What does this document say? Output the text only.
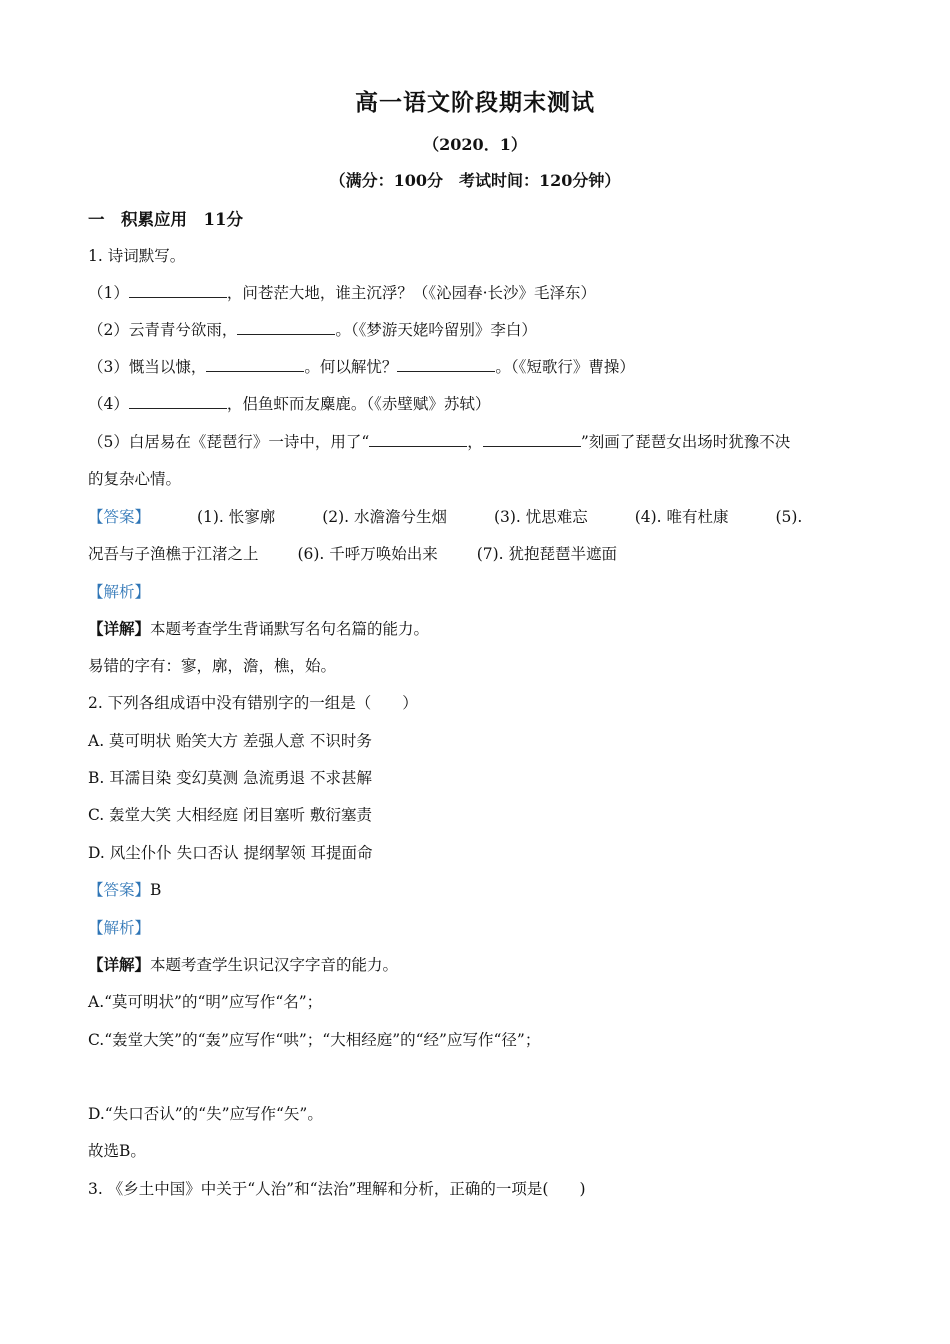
高一语文阶段期末测试
（2020．1）
（满分：100分　考试时间：120分钟）
一　积累应用　11分
1. 诗词默写。
（1）	，问苍茫大地，谁主沉浮？（《沁园春·长沙》毛泽东）
（2）云青青兮欲雨，	。（《梦游天姥吟留别》李白）
（3）慨当以慷，	。何以解忧？	。（《短歌行》曹操）
（4）	，侣鱼虾而友麋鹿。（《赤壁赋》苏轼）
（5）白居易在《琵琶行》一诗中，用了“	，	”刻画了琵琶女出场时犹豫不决
的复杂心情。
【答案】	(1). 怅寥廓	(2). 水澹澹兮生烟	(3). 忧思难忘	(4). 唯有杜康	(5).
况吾与子渔樵于江渚之上	(6). 千呼万唤始出来	(7). 犹抱琵琶半遮面
【解析】
【详解】本题考查学生背诵默写名句名篇的能力。
易错的字有：寥，廓，澹，樵，始。
2. 下列各组成语中没有错别字的一组是（　　）
A. 莫可明状 贻笑大方 差强人意 不识时务
B. 耳濡目染 变幻莫测 急流勇退 不求甚解
C. 轰堂大笑 大相经庭 闭目塞听 敷衍塞责
D. 风尘仆仆 失口否认 提纲挈领 耳提面命
【答案】B
【解析】
【详解】本题考查学生识记汉字字音的能力。
A.“莫可明状”的“明”应写作“名”；
C.“轰堂大笑”的“轰”应写作“哄”；“大相经庭”的“经”应写作“径”；
D.“失口否认”的“失”应写作“矢”。
故选B。
3. 《乡土中国》中关于“人治”和“法治”理解和分析，正确的一项是(　　)
